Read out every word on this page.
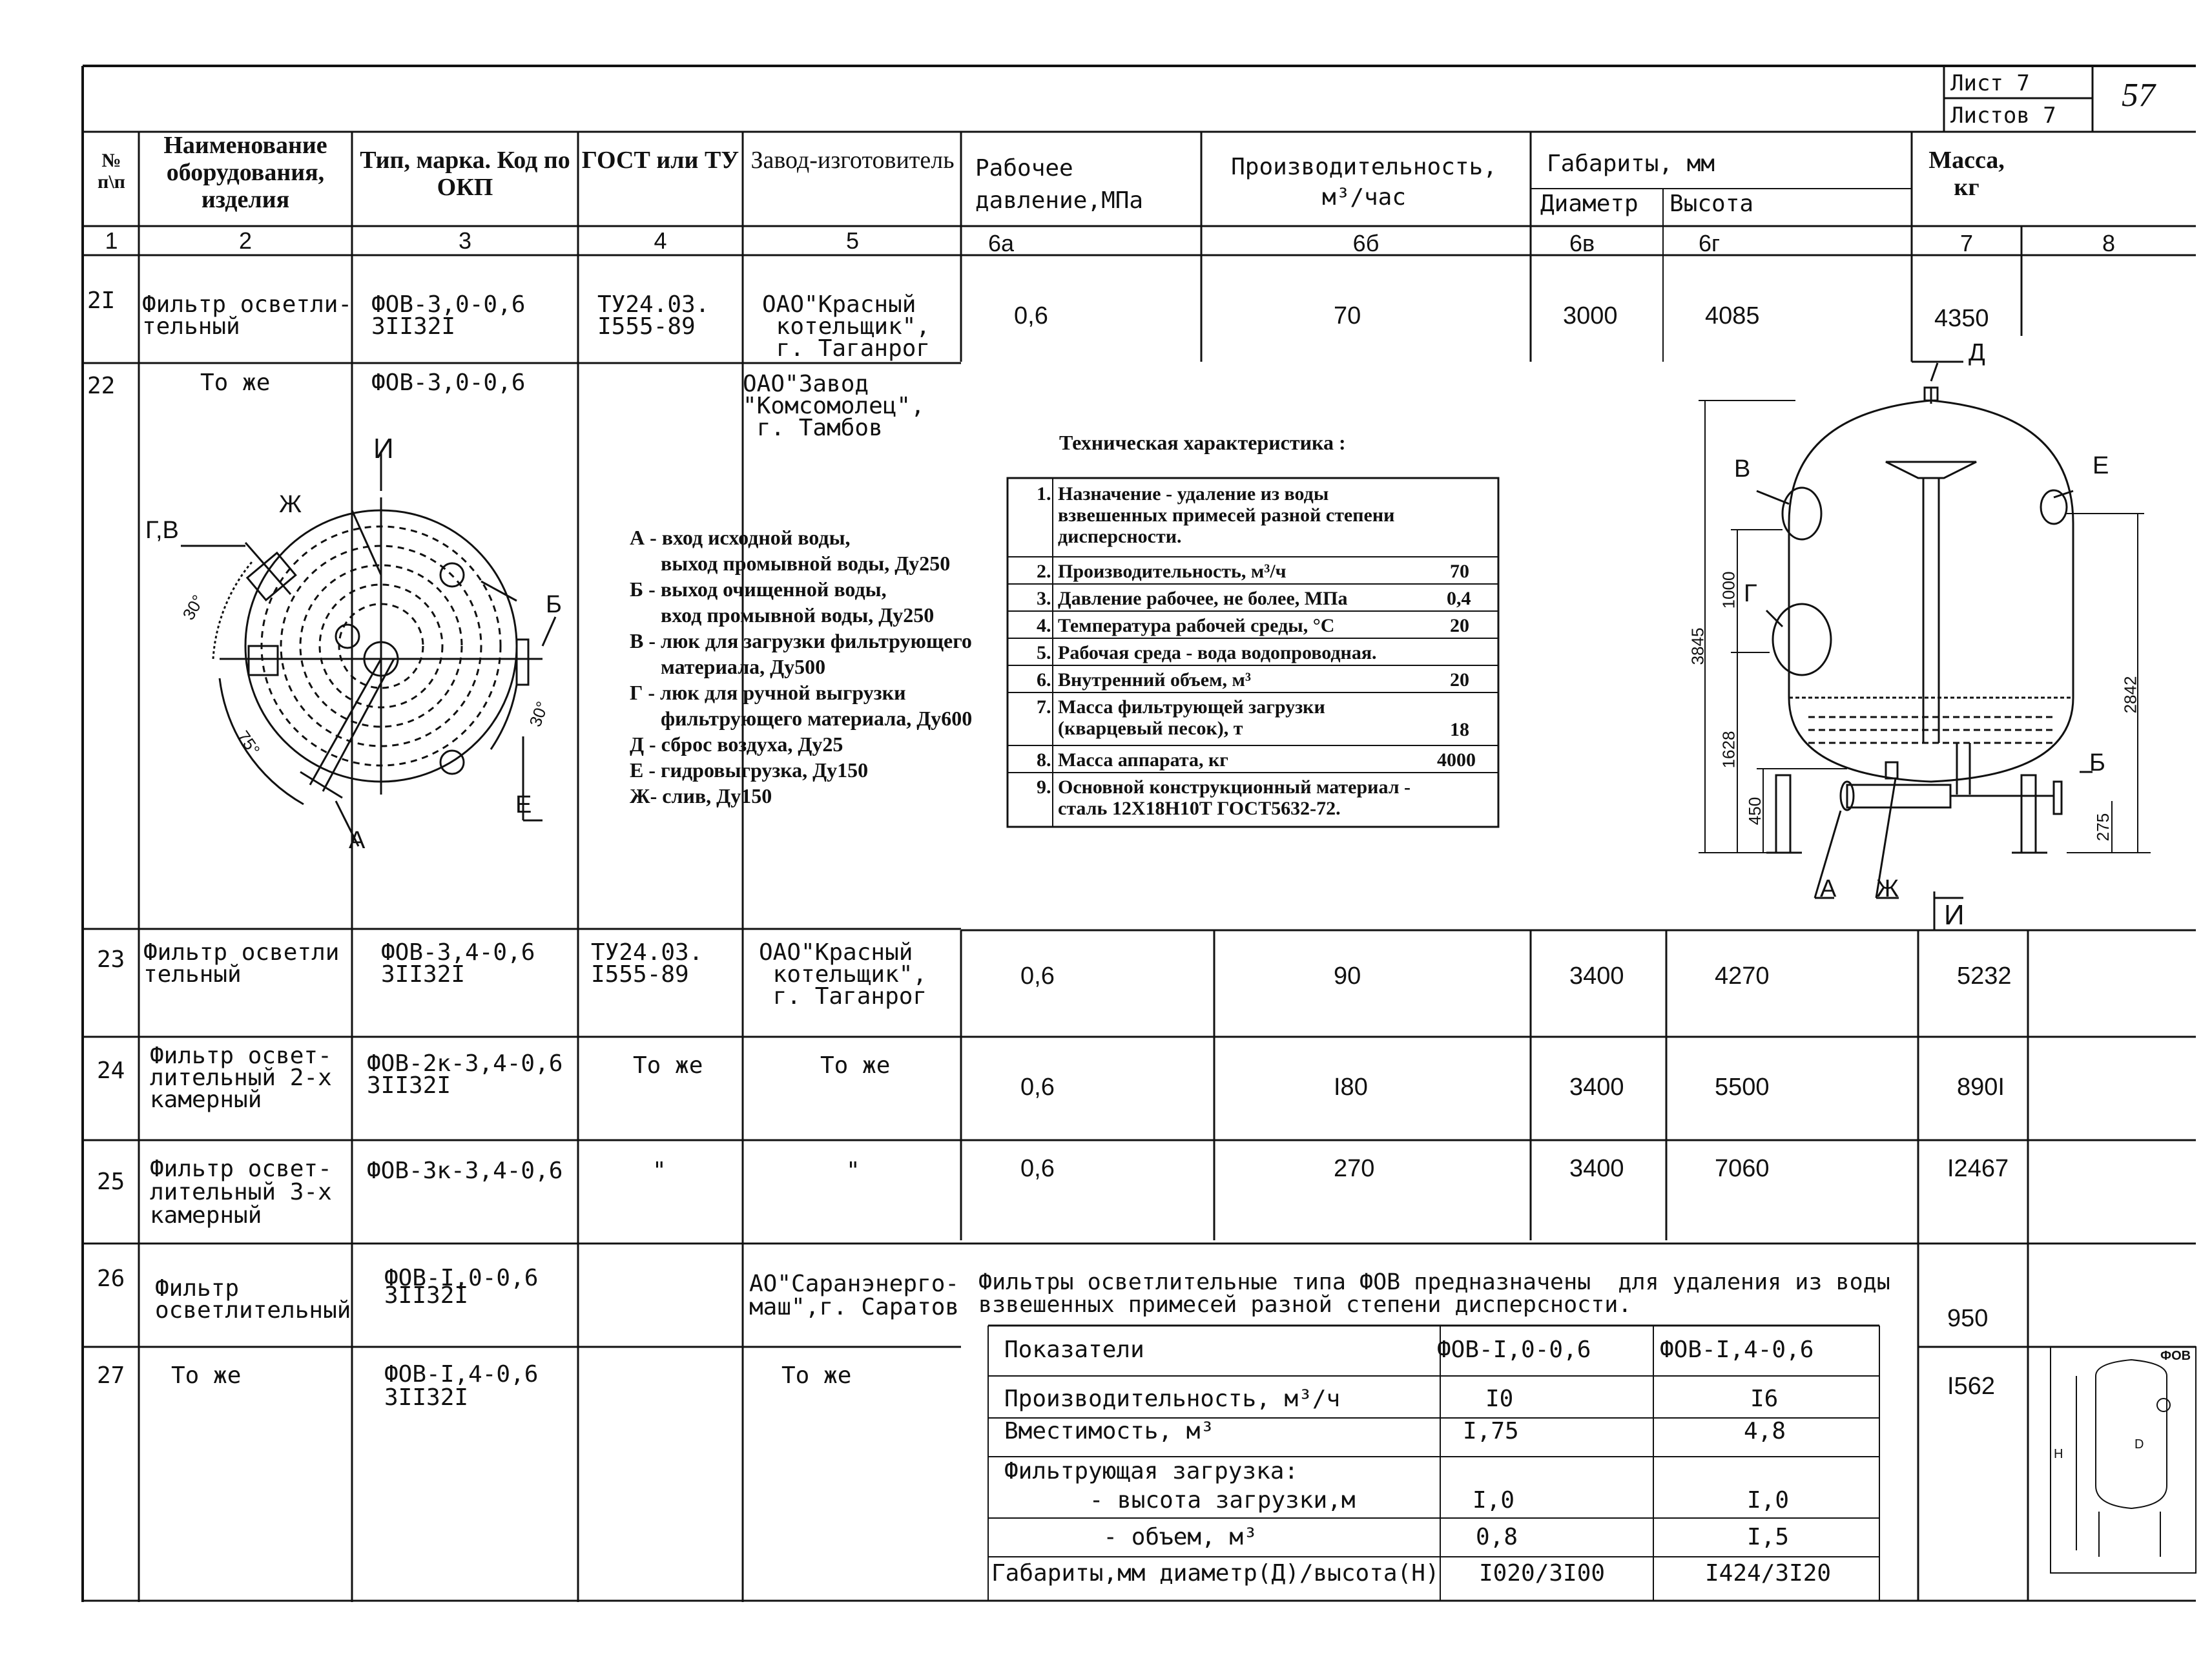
Лист 7
Листов 7
57
№
п\п
Наименование оборудования, изделия
Тип, марка. Код по ОКП
ГОСТ или ТУ Завод-изготовитель Рабочее
давление,МПа
Производительность,
м³/час
Габариты, мм
Диаметр Высота
Масса, кг
1	2	3	4	5	6а	6б	6в	6г	7	8
2I Фильтр осветли-
тельный
ФОВ-3,0-0,6
3II32I
ТУ24.03.
I555-89
ОАО"Красный
котельщик",
г. Таганрог
0,6	70	3000	4085	4350
22	То же	ФОВ-3,0-0,6	ОАО"Завод
"Комсомолец",
г. Тамбов
И
Г,В
Ж
Б
Е
А
30°
30°
75°
А - вход исходной воды,
выход промывной воды, Ду250
Б - выход очищенной воды,
вход промывной воды, Ду250
В - люк для загрузки фильтрующего
материала, Ду500
Г - люк для ручной выгрузки
фильтрующего материала, Ду600
Д - сброс воздуха, Ду25
Е - гидровыгрузка, Ду150
Ж- слив, Ду150
Техническая характеристика :
1. Назначение - удаление из воды
взвешенных примесей разной степени
дисперсности.
2. Производительность, м³/ч	70
3. Давление рабочее, не более, МПа	0,4
4. Температура рабочей среды, °С	20
5. Рабочая среда - вода водопроводная.
6. Внутренний объем, м³	20
7. Масса фильтрующей загрузки
(кварцевый песок), т	18
8. Масса аппарата, кг	4000
9. Основной конструкционный материал -
сталь 12Х18Н10Т ГОСТ5632-72.
Д
В	Е
Г
Б
А Ж
И
3845
1000
1628
450
2842
275
23 Фильтр осветли
тельный
ФОВ-3,4-0,6
3II32I
ТУ24.03.
I555-89
ОАО"Красный
котельщик",
г. Таганрог
0,6	90	3400	4270	5232
24
Фильтр освет-
лительный 2-х
камерный
ФОВ-2к-3,4-0,6
3II32I
То же	То же
0,6	I80	3400	5500	890I
25 Фильтр освет-
лительный 3-х
камерный
ФОВ-3к-3,4-0,6	"	"	0,6	270	3400	7060	I2467
26 Фильтр
осветлительный
ФОВ-I,0-0,6
3II32I	АО"Саранэнерго-
маш",г. Саратов	950
27 То же	ФОВ-I,4-0,6
3II32I
То же	I562
Фильтры осветлительные типа ФОВ предназначены  для удаления из воды
взвешенных примесей разной степени дисперсности.
Показатели	ФОВ-I,0-0,6	ФОВ-I,4-0,6
Производительность, м³/ч	I0	I6
Вместимость, м³	I,75	4,8
Фильтрующая загрузка:
- высота загрузки,м	I,0	I,0
- объем, м³	0,8	I,5
Габариты,мм диаметр(Д)/высота(Н) I020/3I00	I424/3I20
ФОВ
Н
D
